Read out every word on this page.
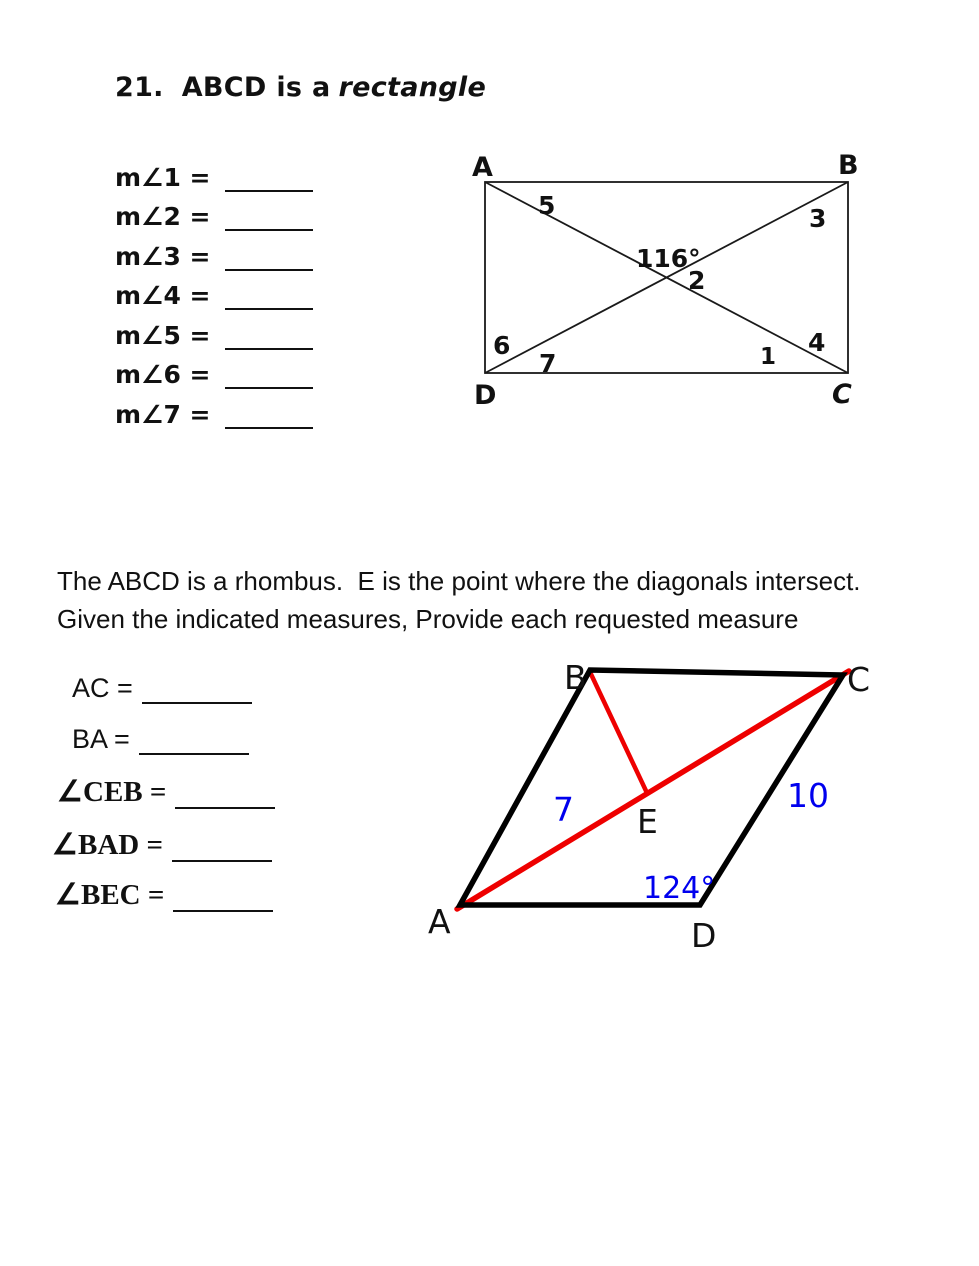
21. ABCD is a rectangle
m∠1 =
m∠2 =
m∠3 =
m∠4 =
m∠5 =
m∠6 =
m∠7 =
A	B
D	C
5	3
116°
2
6
7	1 4
The ABCD is a rhombus.  E is the point where the diagonals intersect.
Given the indicated measures, Provide each requested measure
AC =
BA =
∠CEB =
∠BAD =
∠BEC =
A
B	C
D
E
7	10
124°
